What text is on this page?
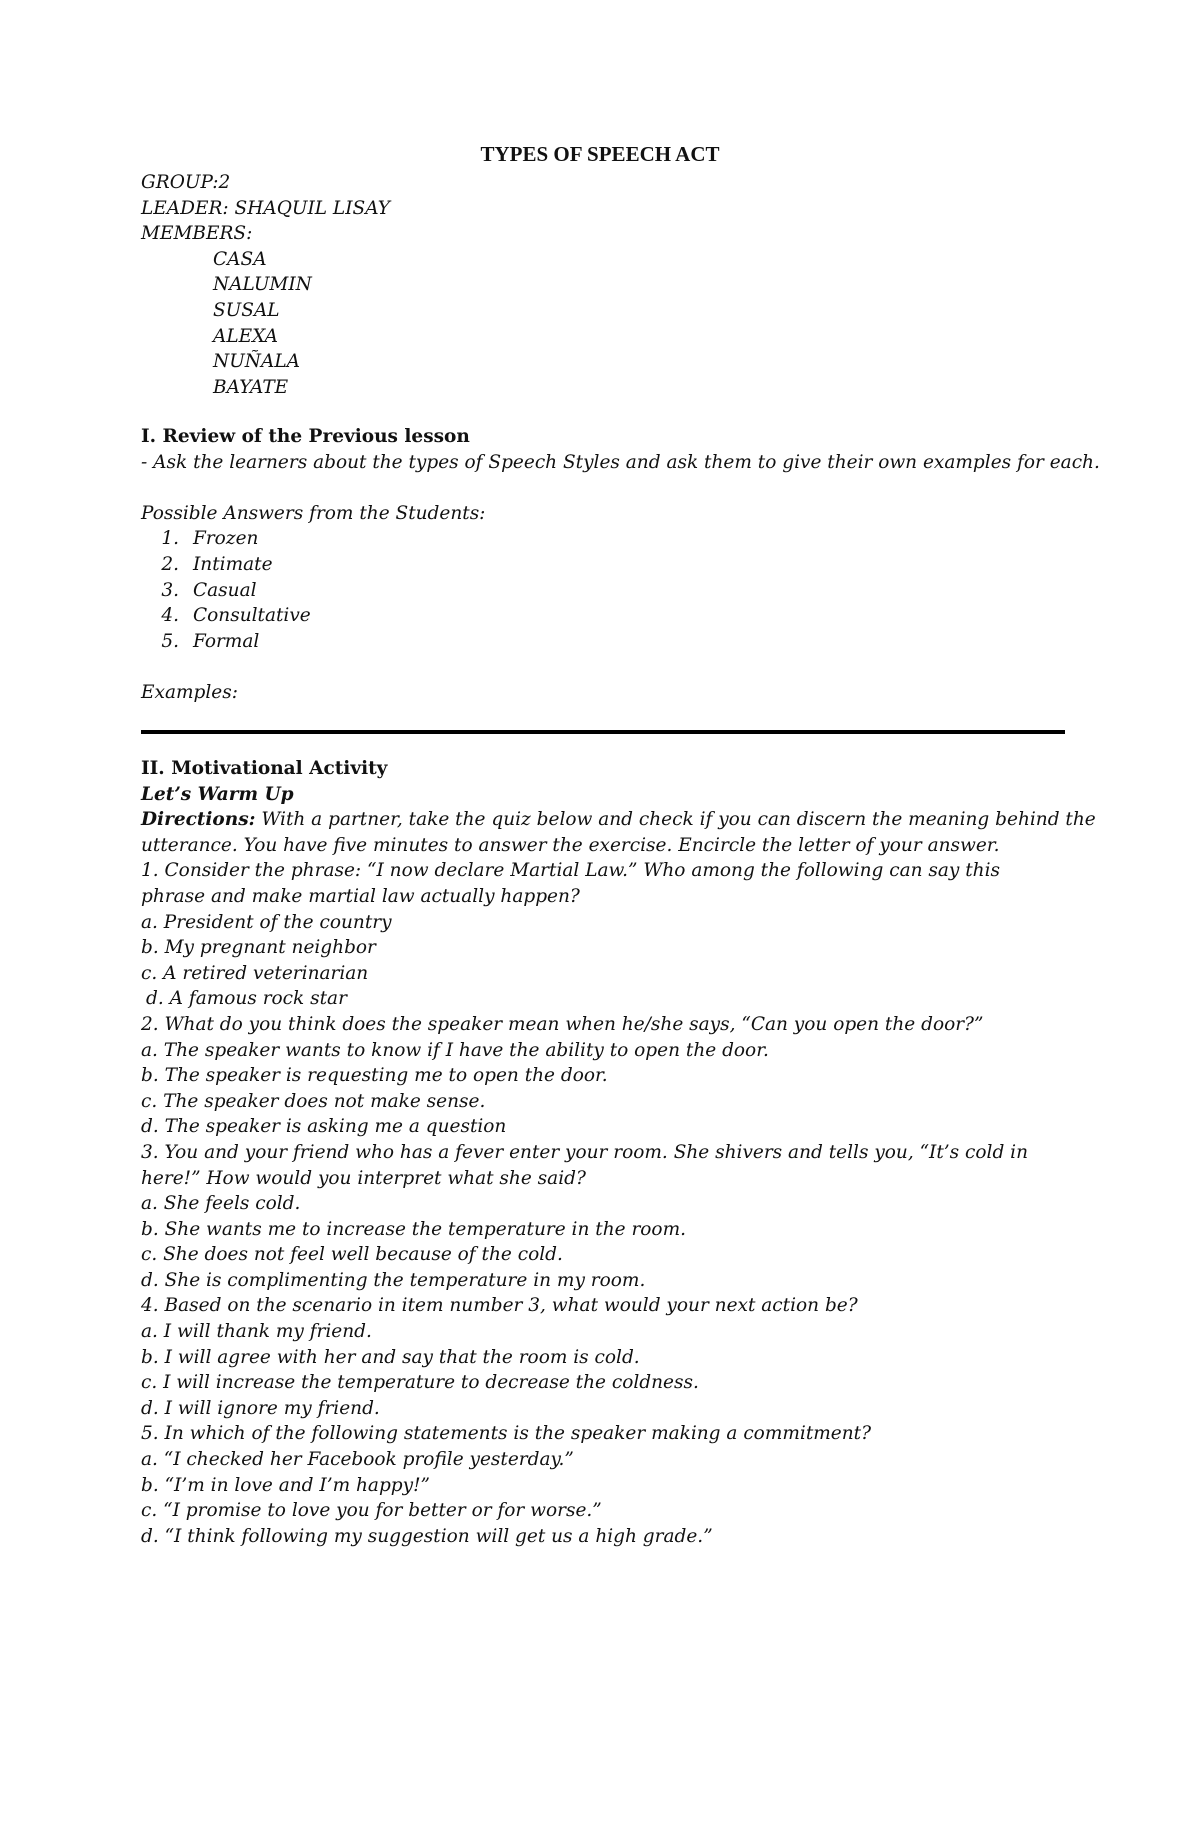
TYPES OF SPEECH ACT
GROUP:2
LEADER: SHAQUIL LISAY
MEMBERS:
CASA
NALUMIN
SUSAL
ALEXA
NUÑALA
BAYATE
I. Review of the Previous lesson
- Ask the learners about the types of Speech Styles and ask them to give their own examples for each.
Possible Answers from the Students:
1. Frozen
2. Intimate
3. Casual
4. Consultative
5. Formal
Examples:
II. Motivational Activity
Let’s Warm Up
Directions: With a partner, take the quiz below and check if you can discern the meaning behind the
utterance. You have five minutes to answer the exercise. Encircle the letter of your answer.
1. Consider the phrase: “I now declare Martial Law.” Who among the following can say this
phrase and make martial law actually happen?
a. President of the country
b. My pregnant neighbor
c. A retired veterinarian
d. A famous rock star
2. What do you think does the speaker mean when he/she says, “Can you open the door?”
a. The speaker wants to know if I have the ability to open the door.
b. The speaker is requesting me to open the door.
c. The speaker does not make sense.
d. The speaker is asking me a question
3. You and your friend who has a fever enter your room. She shivers and tells you, “It’s cold in
here!” How would you interpret what she said?
a. She feels cold.
b. She wants me to increase the temperature in the room.
c. She does not feel well because of the cold.
d. She is complimenting the temperature in my room.
4. Based on the scenario in item number 3, what would your next action be?
a. I will thank my friend.
b. I will agree with her and say that the room is cold.
c. I will increase the temperature to decrease the coldness.
d. I will ignore my friend.
5. In which of the following statements is the speaker making a commitment?
a. “I checked her Facebook profile yesterday.”
b. “I’m in love and I’m happy!”
c. “I promise to love you for better or for worse.”
d. “I think following my suggestion will get us a high grade.”
